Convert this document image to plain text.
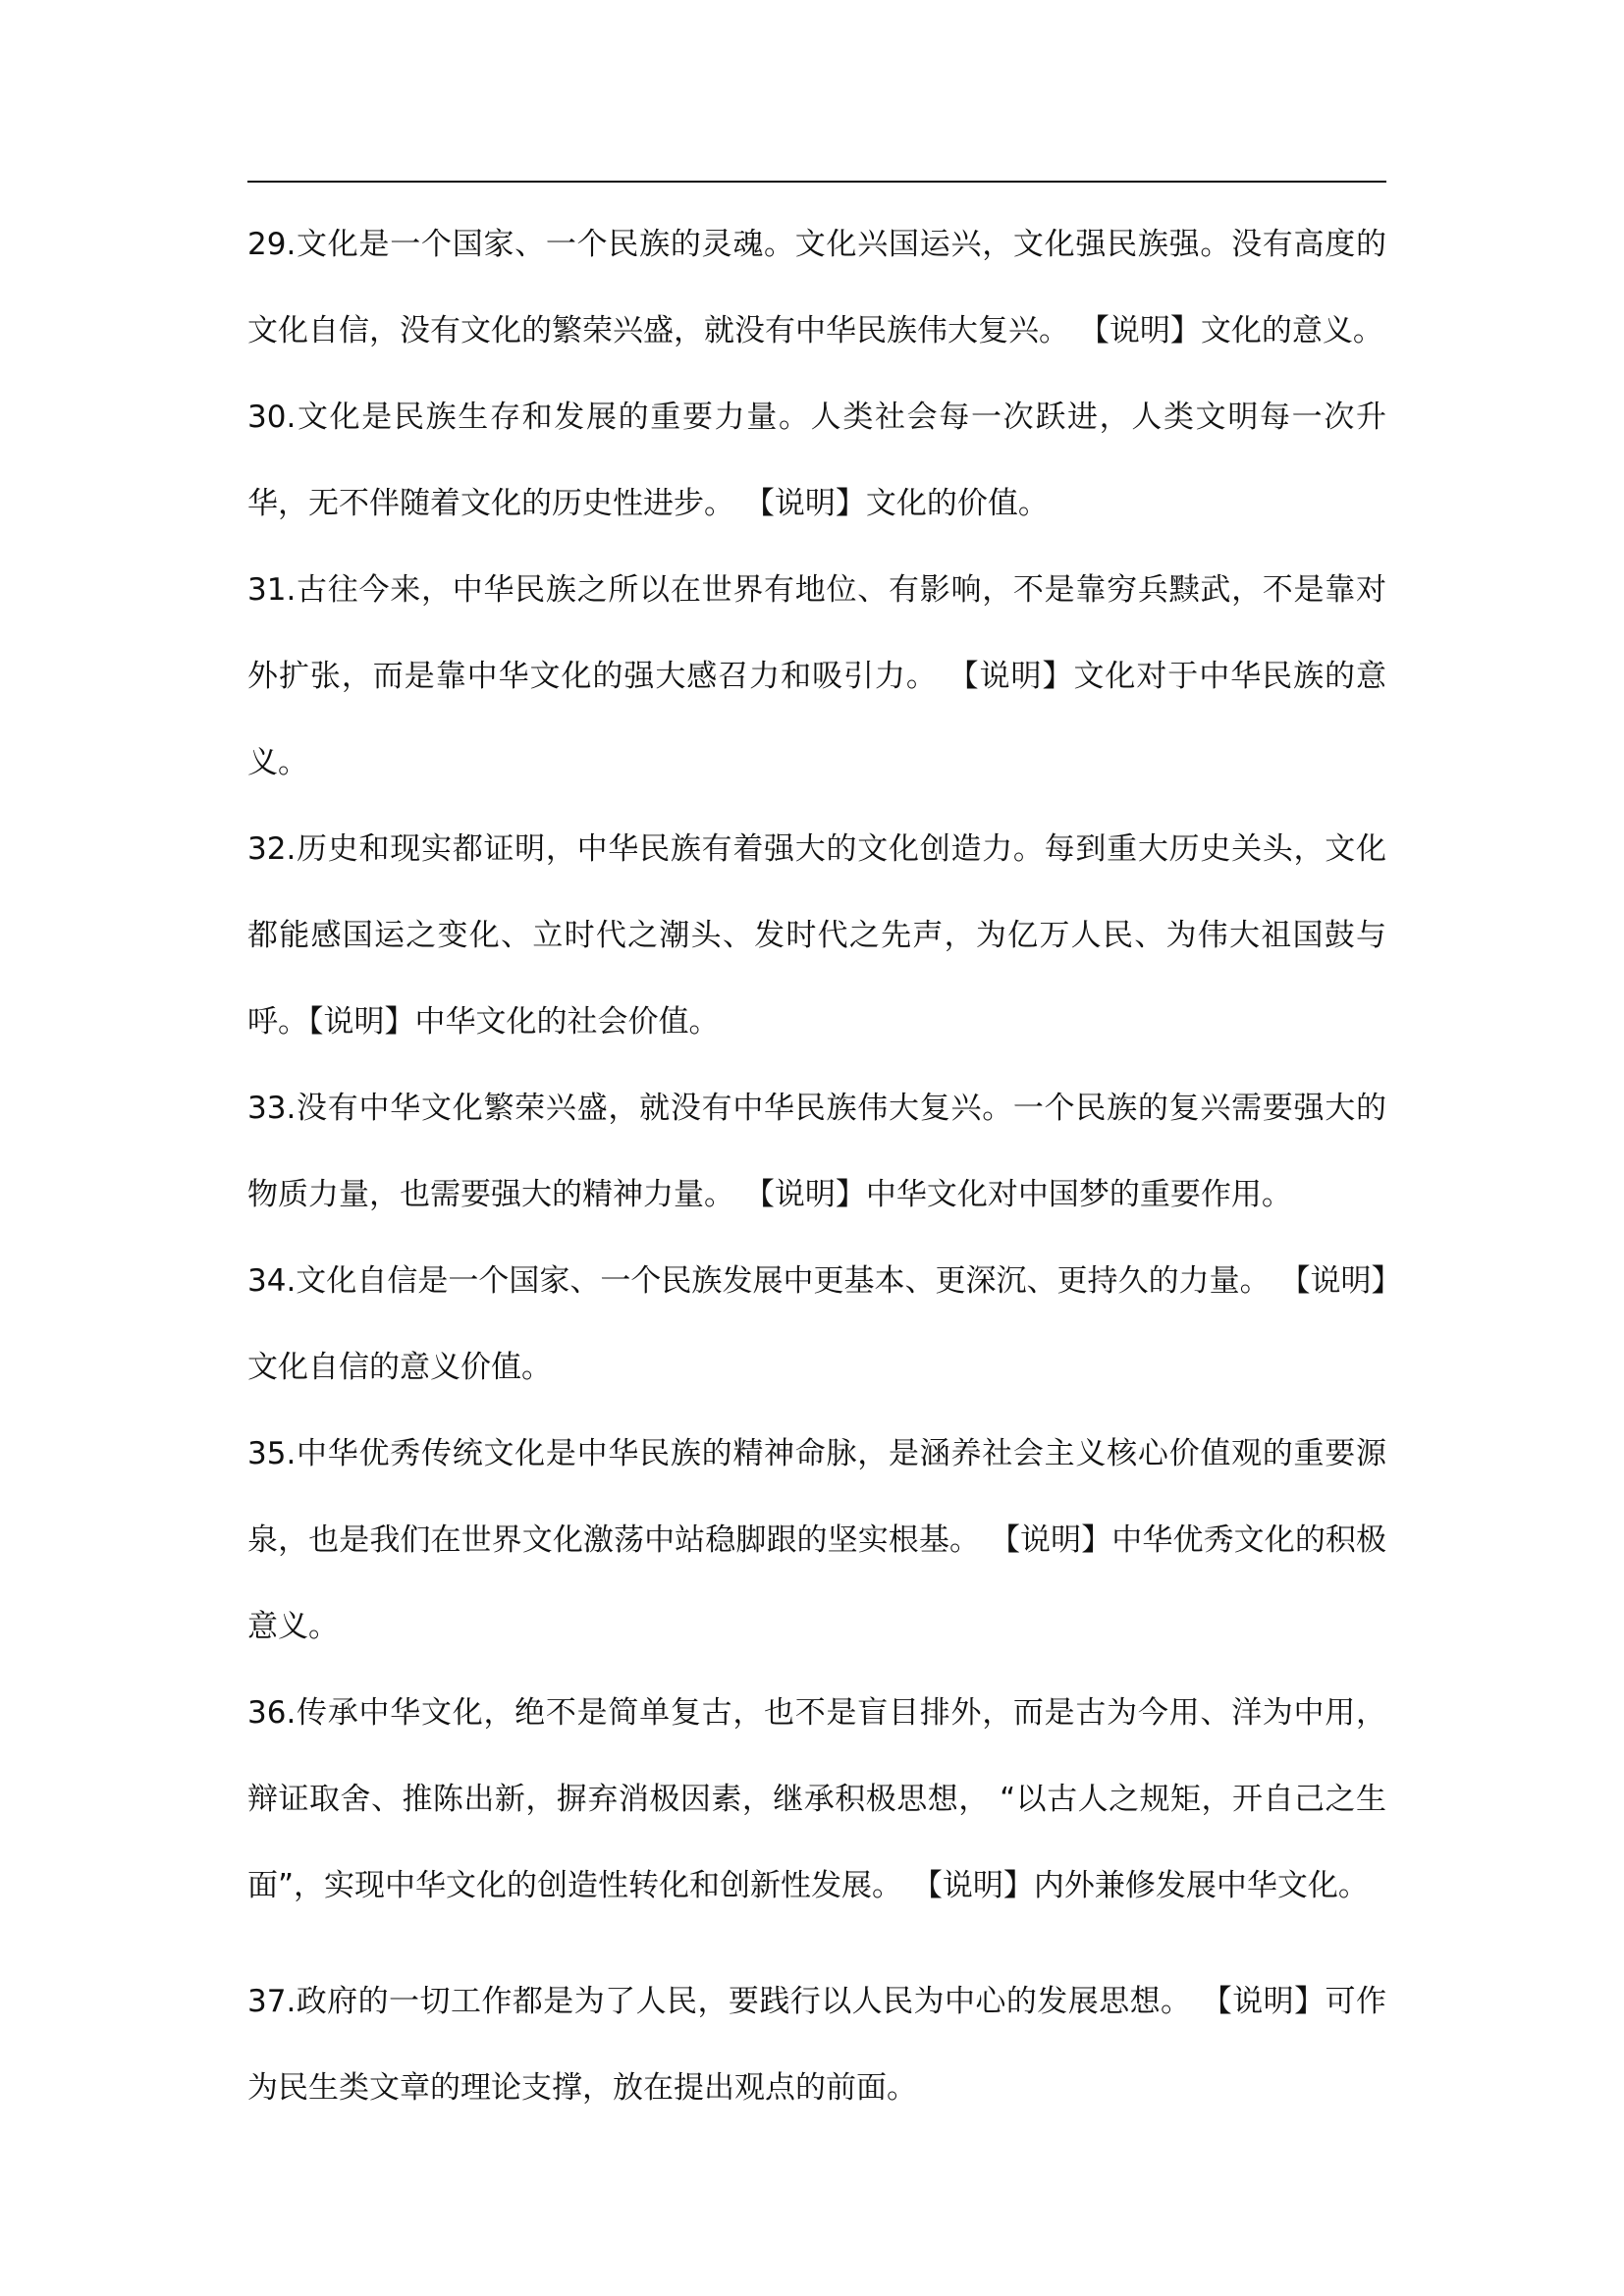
29.文化是一个国家、一个民族的灵魂。文化兴国运兴，文化强民族强。没有高度的文化自信，没有文化的繁荣兴盛，就没有中华民族伟大复兴。 【说明】文化的意义。

30.文化是民族生存和发展的重要力量。人类社会每一次跃进，人类文明每一次升华，无不伴随着文化的历史性进步。 【说明】文化的价值。

31.古往今来，中华民族之所以在世界有地位、有影响，不是靠穷兵黩武，不是靠对外扩张，而是靠中华文化的强大感召力和吸引力。 【说明】文化对于中华民族的意义。

32.历史和现实都证明，中华民族有着强大的文化创造力。每到重大历史关头，文化都能感国运之变化、立时代之潮头、发时代之先声，为亿万人民、为伟大祖国鼓与呼。【说明】中华文化的社会价值。

33.没有中华文化繁荣兴盛，就没有中华民族伟大复兴。一个民族的复兴需要强大的物质力量，也需要强大的精神力量。 【说明】中华文化对中国梦的重要作用。

34.文化自信是一个国家、一个民族发展中更基本、更深沉、更持久的力量。 【说明】文化自信的意义价值。

35.中华优秀传统文化是中华民族的精神命脉，是涵养社会主义核心价值观的重要源泉，也是我们在世界文化激荡中站稳脚跟的坚实根基。 【说明】中华优秀文化的积极意义。

36.传承中华文化，绝不是简单复古，也不是盲目排外，而是古为今用、洋为中用，辩证取舍、推陈出新，摒弃消极因素，继承积极思想， “以古人之规矩，开自己之生面”，实现中华文化的创造性转化和创新性发展。 【说明】内外兼修发展中华文化。

37.政府的一切工作都是为了人民，要践行以人民为中心的发展思想。 【说明】可作为民生类文章的理论支撑，放在提出观点的前面。
